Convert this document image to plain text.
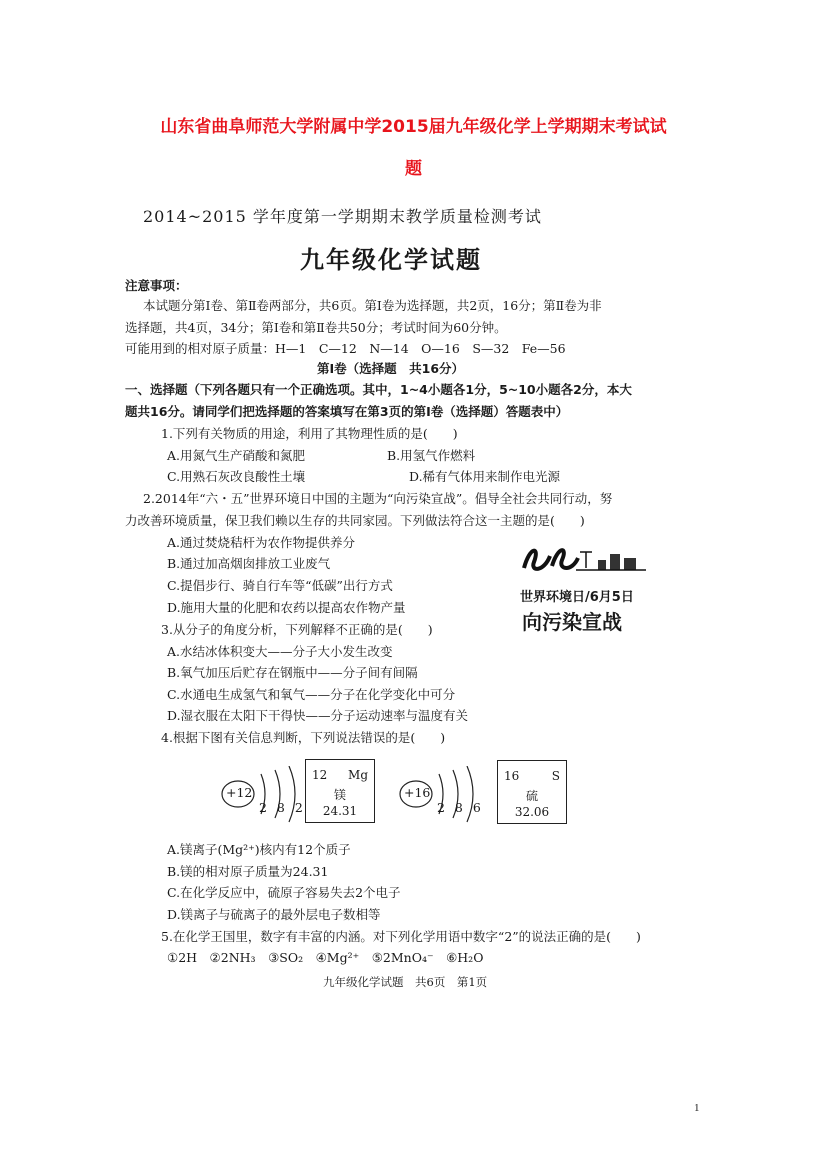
山东省曲阜师范大学附属中学2015届九年级化学上学期期末考试试
题
2014~2015 学年度第一学期期末教学质量检测考试
九年级化学试题
注意事项：
本试题分第Ⅰ卷、第Ⅱ卷两部分，共6页。第Ⅰ卷为选择题，共2页，16分；第Ⅱ卷为非
选择题，共4页，34分；第Ⅰ卷和第Ⅱ卷共50分；考试时间为60分钟。
可能用到的相对原子质量：H—1　C—12　N—14　O—16　S—32　Fe—56
第Ⅰ卷（选择题　共16分）
一、选择题（下列各题只有一个正确选项。其中，1~4小题各1分，5~10小题各2分，本大
题共16分。请同学们把选择题的答案填写在第3页的第Ⅰ卷（选择题）答题表中）
1.下列有关物质的用途，利用了其物理性质的是(　　)
A.用氮气生产硝酸和氮肥	B.用氢气作燃料
C.用熟石灰改良酸性土壤	D.稀有气体用来制作电光源
2.2014年“六・五”世界环境日中国的主题为“向污染宣战”。倡导全社会共同行动，努
力改善环境质量，保卫我们赖以生存的共同家园。下列做法符合这一主题的是(　　)
A.通过焚烧秸杆为农作物提供养分
B.通过加高烟囱排放工业废气
C.提倡步行、骑自行车等“低碳”出行方式
D.施用大量的化肥和农药以提高农作物产量
世界环境日/6月5日
向污染宣战
3.从分子的角度分析，下列解释不正确的是(　　)
A.水结冰体积变大——分子大小发生改变
B.氧气加压后贮存在钢瓶中——分子间有间隔
C.水通电生成氢气和氧气——分子在化学变化中可分
D.湿衣服在太阳下干得快——分子运动速率与温度有关
4.根据下图有关信息判断，下列说法错误的是(　　)
+12
2 8 2
12 Mg
镁
24.31
+16
2 8 6
16	S
硫
32.06
A.镁离子(Mg²⁺)核内有12个质子
B.镁的相对原子质量为24.31
C.在化学反应中，硫原子容易失去2个电子
D.镁离子与硫离子的最外层电子数相等
5.在化学王国里，数字有丰富的内涵。对下列化学用语中数字“2”的说法正确的是(　　)
①2H　②2NH₃　③SO₂　④Mg²⁺　⑤2MnO₄⁻　⑥H₂O
九年级化学试题　共6页　第1页
1
